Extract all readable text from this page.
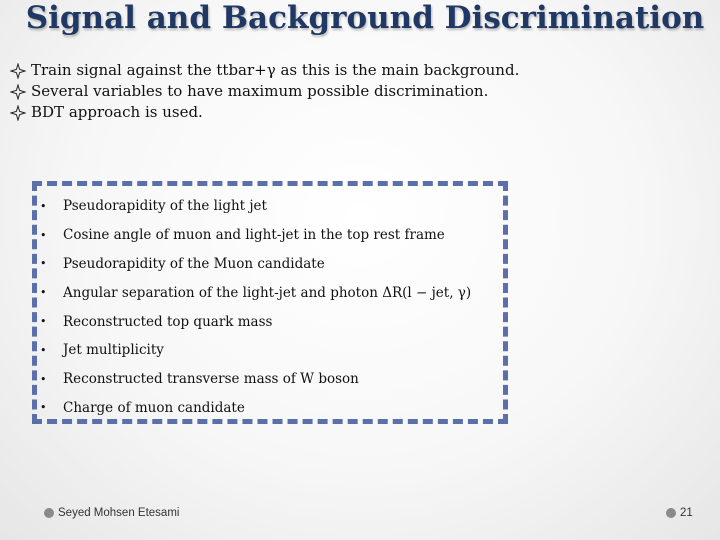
Signal and Background Discrimination
Train signal against the ttbar+γ as this is the main background.
Several variables to have maximum possible discrimination.
BDT approach is used.
•	Pseudorapidity of the light jet
•	Cosine angle of muon and light-jet in the top rest frame
•	Pseudorapidity of the Muon candidate
•	Angular separation of the light-jet and photon ΔR(l − jet, γ)
•	Reconstructed top quark mass
•	Jet multiplicity
•	Reconstructed transverse mass of W boson
•	Charge of muon candidate
Seyed Mohsen Etesami	21
